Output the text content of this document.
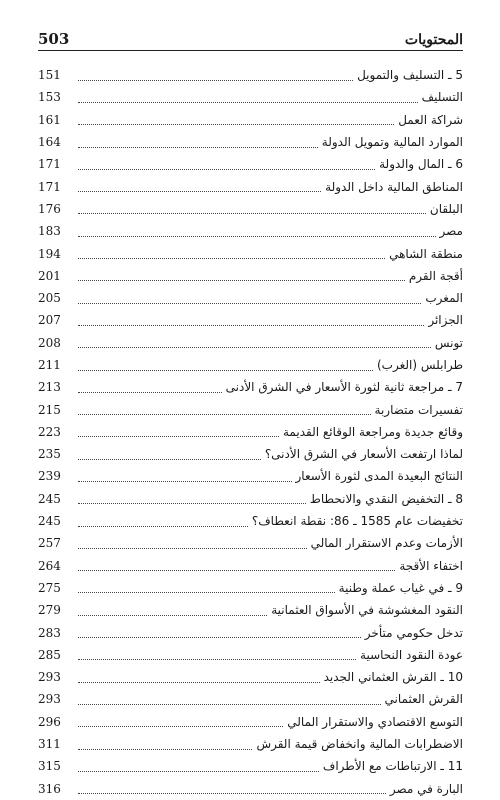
503	المحتويات
151	5 ـ التسليف والتمويل
153	التسليف
161	شراكة العمل
164	الموارد المالية وتمويل الدولة
171	6 ـ المال والدولة
171	المناطق المالية داخل الدولة
176	البلقان
183	مصر
194	منطقة الشاهي
201	أقجة القرم
205	المغرب
207	الجزائر
208	تونس
211	طرابلس (الغرب)
213	7 ـ مراجعة ثانية لثورة الأسعار في الشرق الأدنى
215	تفسيرات متضاربة
223	وقائع جديدة ومراجعة الوقائع القديمة
235	لماذا ارتفعت الأسعار في الشرق الأدنى؟
239	النتائج البعيدة المدى لثورة الأسعار
245	8 ـ التخفيض النقدي والانحطاط
245	تخفيضات عام 1585 ـ 86: نقطة انعطاف؟
257	الأزمات وعدم الاستقرار المالي
264	اختفاء الأقجة
275	9 ـ في غياب عملة وطنية
279	النقود المغشوشة في الأسواق العثمانية
283	تدخل حكومي متأخر
285	عودة النقود النحاسية
293	10 ـ القرش العثماني الجديد
293	القرش العثماني
296	التوسع الاقتصادي والاستقرار المالي
311	الاضطرابات المالية وانخفاض قيمة القرش
315	11 ـ الارتباطات مع الأطراف
316	البارة في مصر
